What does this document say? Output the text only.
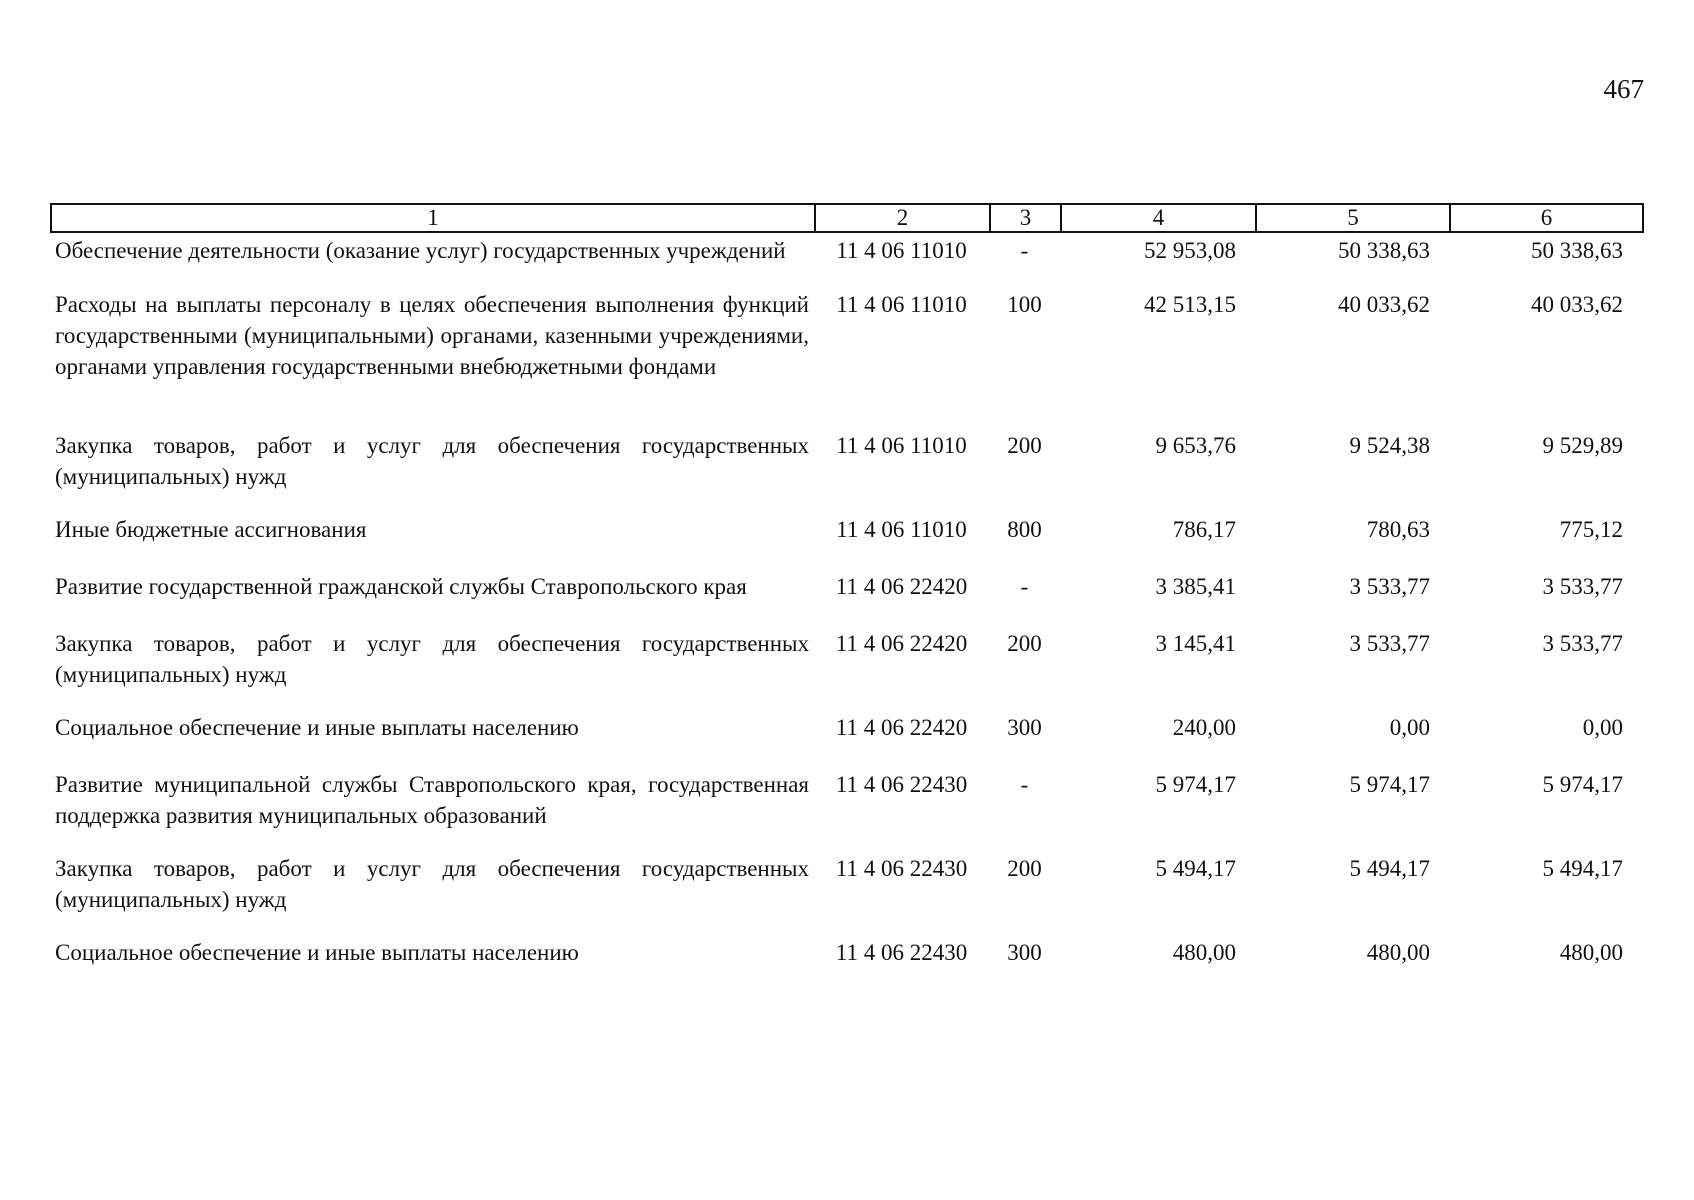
467
1	2	3	4	5	6
Обеспечение деятельности (оказание услуг) государственных учреждений	11 4 06 11010	-	52 953,08	50 338,63	50 338,63
Расходы на выплаты персоналу в целях обеспечения выполнения функций государственными (муниципальными) органами, казенными учреждениями, органами управления государственными внебюджетными фондами	11 4 06 11010	100	42 513,15	40 033,62	40 033,62
Закупка товаров, работ и услуг для обеспечения государственных (муниципальных) нужд	11 4 06 11010	200	9 653,76	9 524,38	9 529,89
Иные бюджетные ассигнования	11 4 06 11010	800	786,17	780,63	775,12
Развитие государственной гражданской службы Ставропольского края	11 4 06 22420	-	3 385,41	3 533,77	3 533,77
Закупка товаров, работ и услуг для обеспечения государственных (муниципальных) нужд	11 4 06 22420	200	3 145,41	3 533,77	3 533,77
Социальное обеспечение и иные выплаты населению	11 4 06 22420	300	240,00	0,00	0,00
Развитие муниципальной службы Ставропольского края, государственная поддержка развития муниципальных образований	11 4 06 22430	-	5 974,17	5 974,17	5 974,17
Закупка товаров, работ и услуг для обеспечения государственных (муниципальных) нужд	11 4 06 22430	200	5 494,17	5 494,17	5 494,17
Социальное обеспечение и иные выплаты населению	11 4 06 22430	300	480,00	480,00	480,00
